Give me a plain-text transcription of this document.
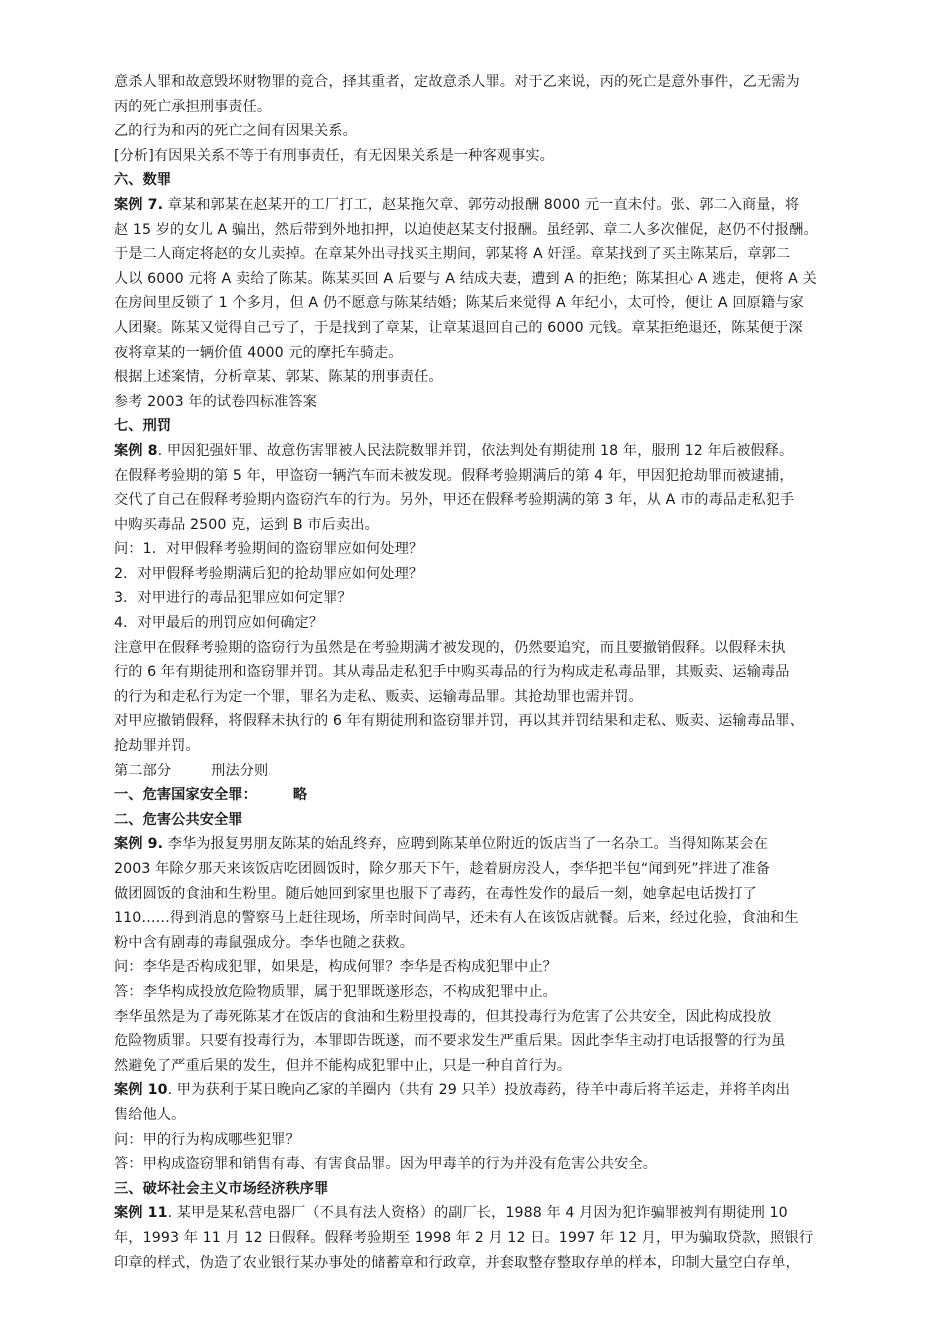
意杀人罪和故意毁坏财物罪的竞合，择其重者，定故意杀人罪。对于乙来说，丙的死亡是意外事件，乙无需为
丙的死亡承担刑事责任。
乙的行为和丙的死亡之间有因果关系。
[分析]有因果关系不等于有刑事责任，有无因果关系是一种客观事实。
六、数罪
案例 7. 章某和郭某在赵某开的工厂打工，赵某拖欠章、郭劳动报酬 8000 元一直未付。张、郭二入商量，将
赵 15 岁的女儿 A 骗出，然后带到外地扣押，以迫使赵某支付报酬。虽经郭、章二人多次催促，赵仍不付报酬。
于是二人商定将赵的女儿卖掉。在章某外出寻找买主期间，郭某将 A 奸淫。章某找到了买主陈某后，章郭二
人以 6000 元将 A 卖给了陈某。陈某买回 A 后要与 A 结成夫妻，遭到 A 的拒绝；陈某担心 A 逃走，便将 A 关
在房间里反锁了 1 个多月，但 A 仍不愿意与陈某结婚；陈某后来觉得 A 年纪小，太可怜，便让 A 回原籍与家
人团聚。陈某又觉得自己亏了，于是找到了章某，让章某退回自己的 6000 元钱。章某拒绝退还，陈某便于深
夜将章某的一辆价值 4000 元的摩托车骑走。
根据上述案情，分析章某、郭某、陈某的刑事责任。
参考 2003 年的试卷四标准答案
七、刑罚
案例 8. 甲因犯强奸罪、故意伤害罪被人民法院数罪并罚，依法判处有期徒刑 18 年，服刑 12 年后被假释。
在假释考验期的第 5 年，甲盗窃一辆汽车而未被发现。假释考验期满后的第 4 年，甲因犯抢劫罪而被逮捕，
交代了自己在假释考验期内盗窃汽车的行为。另外，甲还在假释考验期满的第 3 年，从 A 市的毒品走私犯手
中购买毒品 2500 克，运到 B 市后卖出。
问：1．对甲假释考验期间的盗窃罪应如何处理？
2．对甲假释考验期满后犯的抢劫罪应如何处理？
3．对甲进行的毒品犯罪应如何定罪？
4．对甲最后的刑罚应如何确定？
注意甲在假释考验期的盗窃行为虽然是在考验期满才被发现的，仍然要追究，而且要撤销假释。以假释未执
行的 6 年有期徒刑和盗窃罪并罚。其从毒品走私犯手中购买毒品的行为构成走私毒品罪，其贩卖、运输毒品
的行为和走私行为定一个罪，罪名为走私、贩卖、运输毒品罪。其抢劫罪也需并罚。
对甲应撤销假释，将假释未执行的 6 年有期徒刑和盗窃罪并罚，再以其并罚结果和走私、贩卖、运输毒品罪、
抢劫罪并罚。
第二部分	刑法分则
一、危害国家安全罪：	略
二、危害公共安全罪
案例 9. 李华为报复男朋友陈某的始乱终弃，应聘到陈某单位附近的饭店当了一名杂工。当得知陈某会在
2003 年除夕那天来该饭店吃团圆饭时，除夕那天下午，趁着厨房没人，李华把半包“闻到死”拌进了准备
做团圆饭的食油和生粉里。随后她回到家里也服下了毒药，在毒性发作的最后一刻，她拿起电话拨打了
110……得到消息的警察马上赶往现场，所幸时间尚早，还未有人在该饭店就餐。后来，经过化验，食油和生
粉中含有剧毒的毒鼠强成分。李华也随之获救。
问：李华是否构成犯罪，如果是，构成何罪？李华是否构成犯罪中止？
答：李华构成投放危险物质罪，属于犯罪既遂形态，不构成犯罪中止。
李华虽然是为了毒死陈某才在饭店的食油和生粉里投毒的，但其投毒行为危害了公共安全，因此构成投放
危险物质罪。只要有投毒行为，本罪即告既遂，而不要求发生严重后果。因此李华主动打电话报警的行为虽
然避免了严重后果的发生，但并不能构成犯罪中止，只是一种自首行为。
案例 10. 甲为获利于某日晚向乙家的羊圈内（共有 29 只羊）投放毒药，待羊中毒后将羊运走，并将羊肉出
售给他人。
问：甲的行为构成哪些犯罪？
答：甲构成盗窃罪和销售有毒、有害食品罪。因为甲毒羊的行为并没有危害公共安全。
三、破坏社会主义市场经济秩序罪
案例 11. 某甲是某私营电器厂（不具有法人资格）的副厂长，1988 年 4 月因为犯诈骗罪被判有期徒刑 10
年，1993 年 11 月 12 日假释。假释考验期至 1998 年 2 月 12 日。1997 年 12 月，甲为骗取贷款，照银行
印章的样式，伪造了农业银行某办事处的储蓄章和行政章，并套取整存整取存单的样本，印制大量空白存单，
